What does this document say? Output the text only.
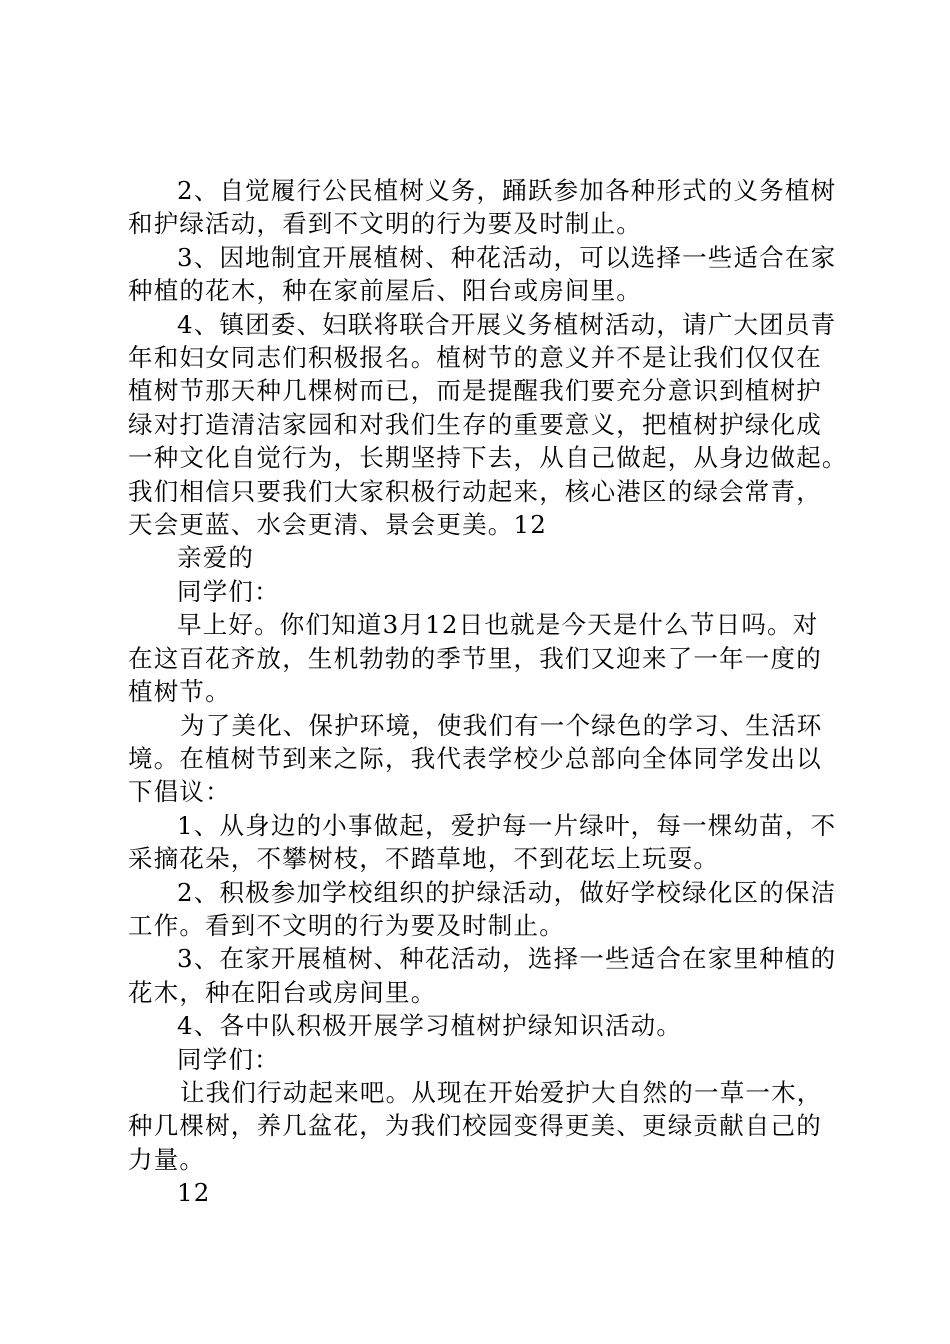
2、自觉履行公民植树义务，踊跃参加各种形式的义务植树
和护绿活动，看到不文明的行为要及时制止。
3、因地制宜开展植树、种花活动，可以选择一些适合在家
种植的花木，种在家前屋后、阳台或房间里。
4、镇团委、妇联将联合开展义务植树活动，请广大团员青
年和妇女同志们积极报名。植树节的意义并不是让我们仅仅在
植树节那天种几棵树而已，而是提醒我们要充分意识到植树护
绿对打造清洁家园和对我们生存的重要意义，把植树护绿化成
一种文化自觉行为，长期坚持下去，从自己做起，从身边做起。
我们相信只要我们大家积极行动起来，核心港区的绿会常青，
天会更蓝、水会更清、景会更美。12
亲爱的
同学们：
早上好。你们知道3月12日也就是今天是什么节日吗。对
在这百花齐放，生机勃勃的季节里，我们又迎来了一年一度的
植树节。
为了美化、保护环境，使我们有一个绿色的学习、生活环
境。在植树节到来之际，我代表学校少总部向全体同学发出以
下倡议：
1、从身边的小事做起，爱护每一片绿叶，每一棵幼苗，不
采摘花朵，不攀树枝，不踏草地，不到花坛上玩耍。
2、积极参加学校组织的护绿活动，做好学校绿化区的保洁
工作。看到不文明的行为要及时制止。
3、在家开展植树、种花活动，选择一些适合在家里种植的
花木，种在阳台或房间里。
4、各中队积极开展学习植树护绿知识活动。
同学们：
让我们行动起来吧。从现在开始爱护大自然的一草一木，
种几棵树，养几盆花，为我们校园变得更美、更绿贡献自己的
力量。
12
